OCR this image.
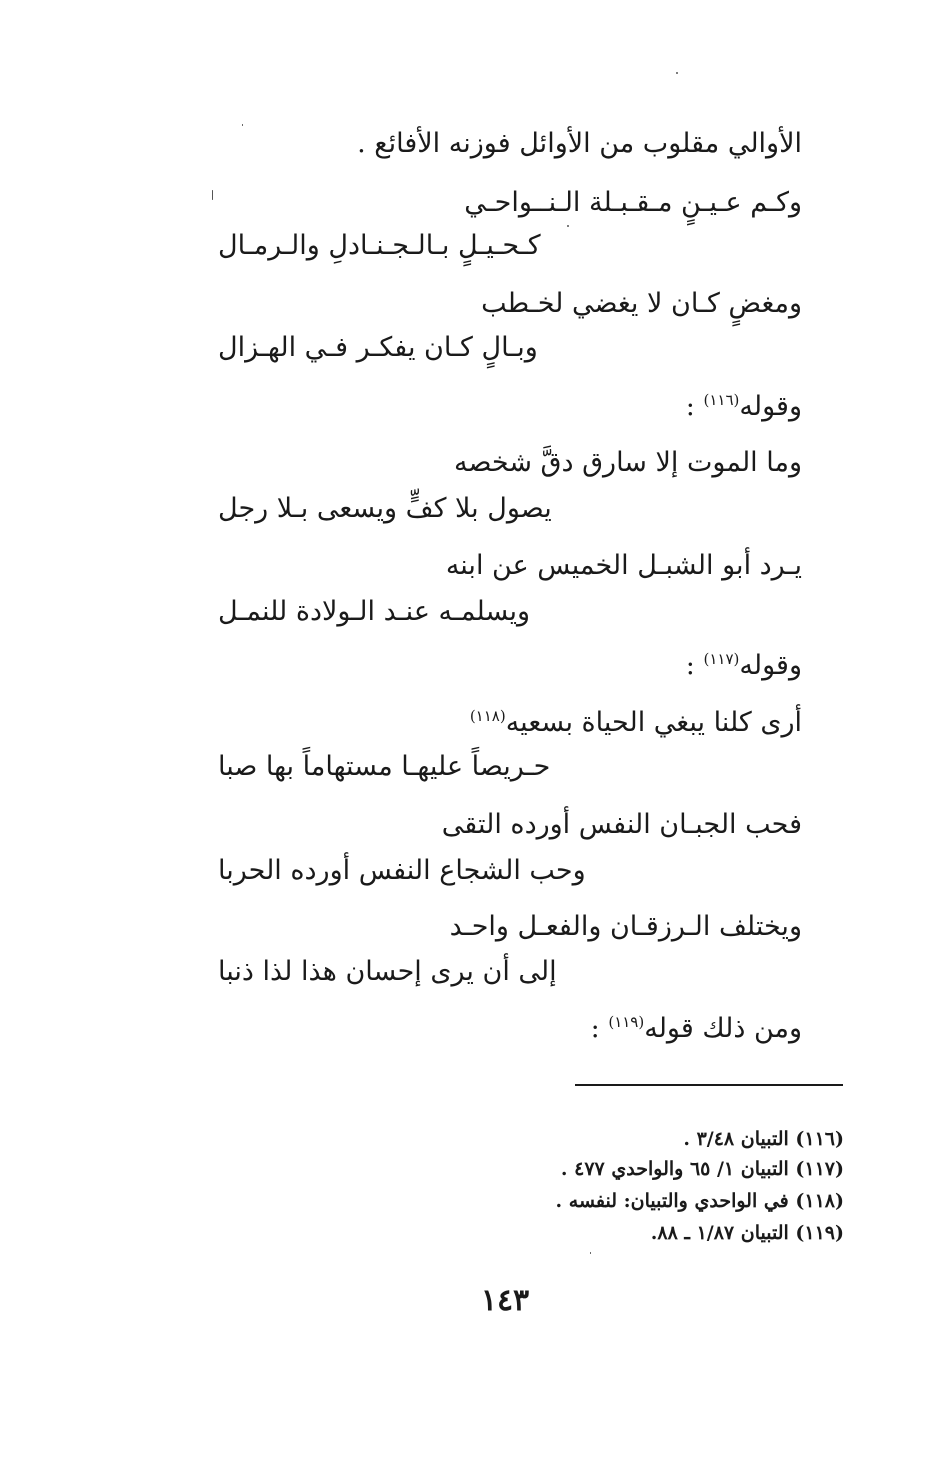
الأوالي مقلوب من الأوائل فوزنه الأفائع .
وكـم عـيـنٍ مـقـبـلة الـنــواحـي
كـحـيـلٍ بـالـجـنـادلِ والـرمـال
ومغضٍ كـان لا يغضي لخـطب
وبـالٍ كـان يفكـر فـي الهـزال
وقوله$^{(١١٦)}$ :
وما الموت إلا سارق دقَّ شخصه
يصول بلا كفٍّ ويسعى بـلا رجل
يـرد أبو الشبـل الخميس عن ابنه
ويسلمـه عنـد الـولادة للنمـل
وقوله$^{(١١٧)}$ :
أرى كلنا يبغي الحياة بسعيه$^{(١١٨)}$
حـريصاً عليهـا مستهاماً بها صبا
فحب الجبـان النفس أورده التقى
وحب الشجاع النفس أورده الحربا
ويختلف الـرزقـان والفعـل واحـد
إلى أن يرى إحسان هذا لذا ذنبا
ومن ذلك قوله$^{(١١٩)}$ :
(١١٦) التبيان ٣/٤٨ .
(١١٧) التبيان ١/ ٦٥ والواحدي ٤٧٧ .
(١١٨) في الواحدي والتبيان: لنفسه .
(١١٩) التبيان ١/٨٧ ـ ٨٨.
١٤٣
